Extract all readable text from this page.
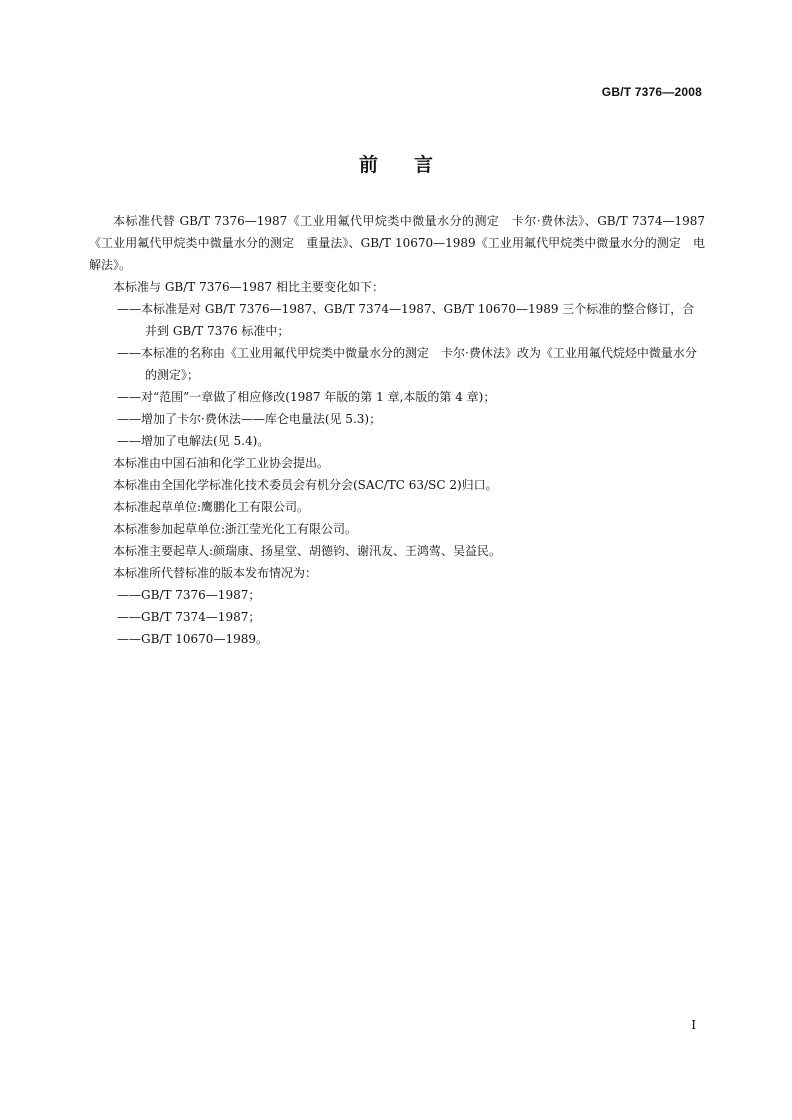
GB/T 7376—2008
前言

本标准代替 GB/T 7376—1987《工业用氟代甲烷类中微量水分的测定　卡尔·费休法》、GB/T 7374—1987《工业用氟代甲烷类中微量水分的测定　重量法》、GB/T 10670—1989《工业用氟代甲烷类中微量水分的测定　电解法》。

本标准与 GB/T 7376—1987 相比主要变化如下：

——本标准是对 GB/T 7376—1987、GB/T 7374—1987、GB/T 10670—1989 三个标准的整合修订，合并到 GB/T 7376 标准中；

——本标准的名称由《工业用氟代甲烷类中微量水分的测定　卡尔·费休法》改为《工业用氟代烷烃中微量水分的测定》；

——对“范围”一章做了相应修改(1987 年版的第 1 章,本版的第 4 章)；

——增加了卡尔·费休法——库仑电量法(见 5.3)；

——增加了电解法(见 5.4)。

本标准由中国石油和化学工业协会提出。

本标准由全国化学标准化技术委员会有机分会(SAC/TC 63/SC 2)归口。

本标准起草单位:鹰鹏化工有限公司。

本标准参加起草单位:浙江莹光化工有限公司。

本标准主要起草人:颜瑞康、扬星堂、胡德钧、谢汛友、王鸿莺、吴益民。

本标准所代替标准的版本发布情况为：

——GB/T 7376—1987；

——GB/T 7374—1987；

——GB/T 10670—1989。

I
